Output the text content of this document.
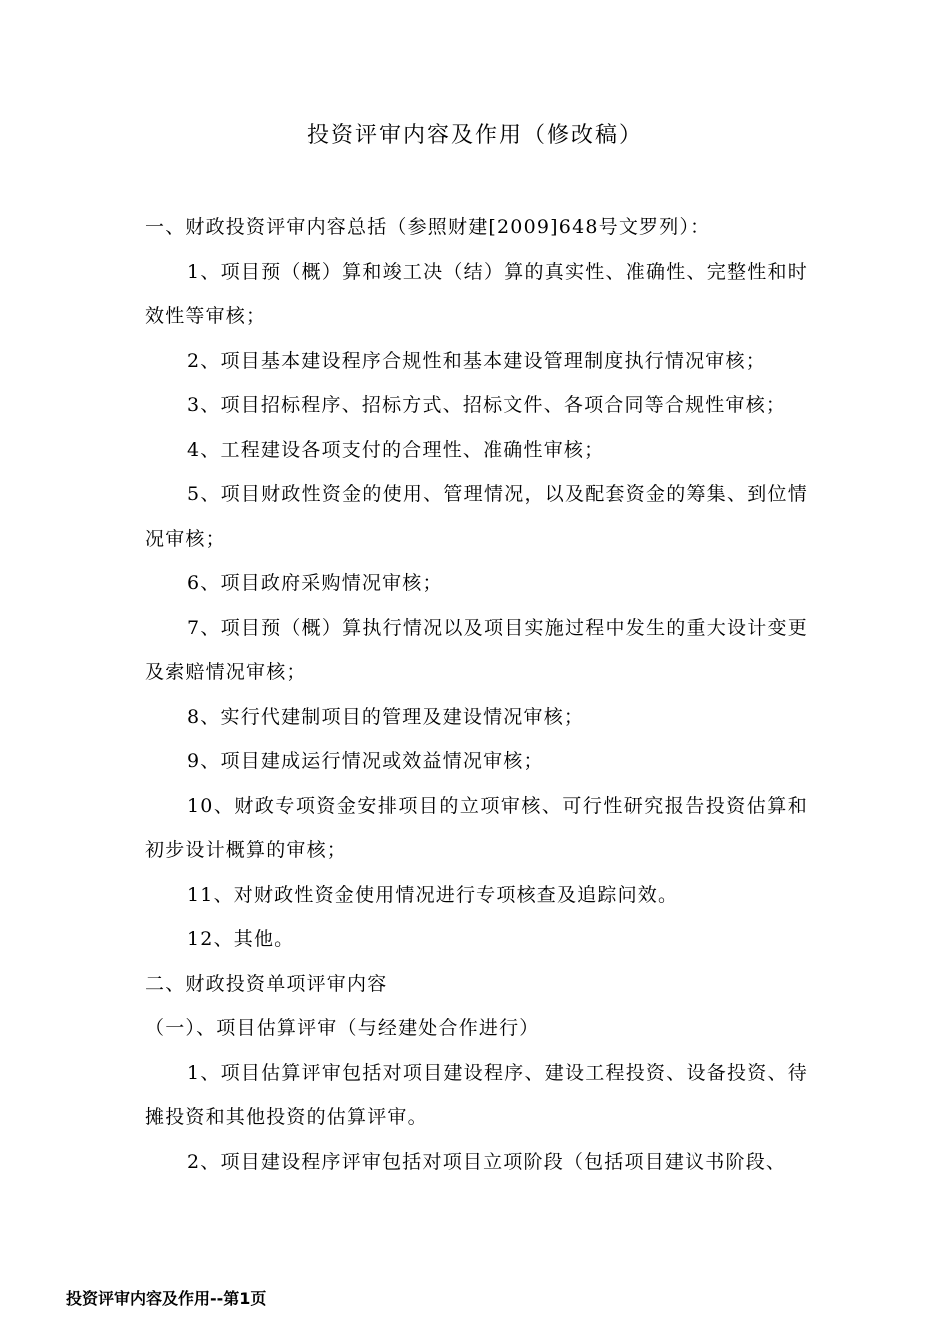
投资评审内容及作用（修改稿）

一、财政投资评审内容总括（参照财建[2009]648号文罗列）：

1、项目预（概）算和竣工决（结）算的真实性、准确性、完整性和时效性等审核；

2、项目基本建设程序合规性和基本建设管理制度执行情况审核；

3、项目招标程序、招标方式、招标文件、各项合同等合规性审核；

4、工程建设各项支付的合理性、准确性审核；

5、项目财政性资金的使用、管理情况，以及配套资金的筹集、到位情况审核；

6、项目政府采购情况审核；

7、项目预（概）算执行情况以及项目实施过程中发生的重大设计变更及索赔情况审核；

8、实行代建制项目的管理及建设情况审核；

9、项目建成运行情况或效益情况审核；

10、财政专项资金安排项目的立项审核、可行性研究报告投资估算和初步设计概算的审核；

11、对财政性资金使用情况进行专项核查及追踪问效。

12、其他。

二、财政投资单项评审内容

（一）、项目估算评审（与经建处合作进行）

1、项目估算评审包括对项目建设程序、建设工程投资、设备投资、待摊投资和其他投资的估算评审。

2、项目建设程序评审包括对项目立项阶段（包括项目建议书阶段、

投资评审内容及作用--第1页
